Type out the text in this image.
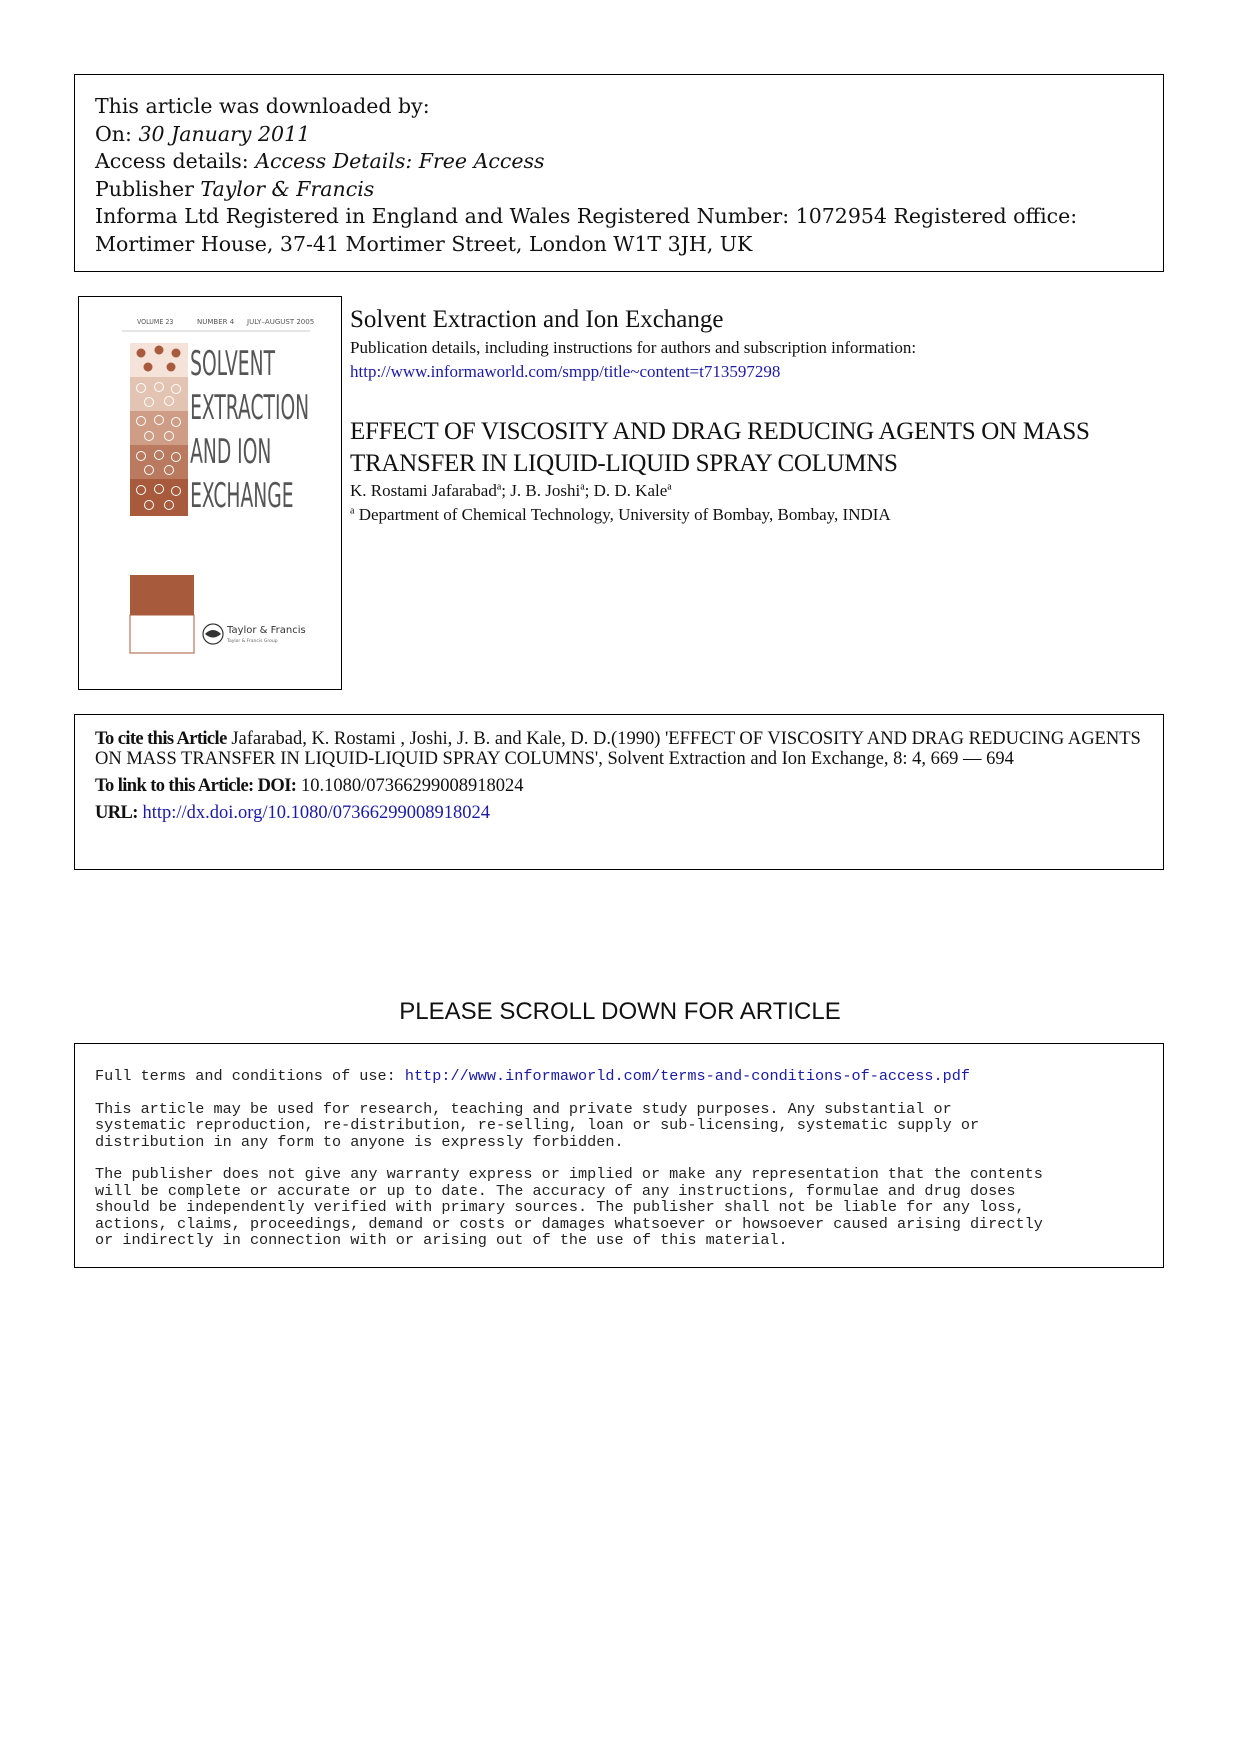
This article was downloaded by:
On: 30 January 2011
Access details: Access Details: Free Access
Publisher Taylor & Francis
Informa Ltd Registered in England and Wales Registered Number: 1072954 Registered office: Mortimer House, 37-41 Mortimer Street, London W1T 3JH, UK
VOLUME 23	NUMBER 4 JULY–AUGUST 2005
SOLVENT
EXTRACTION
AND ION
EXCHANGE
Taylor & Francis
Taylor & Francis Group
Solvent Extraction and Ion Exchange
Publication details, including instructions for authors and subscription information:
http://www.informaworld.com/smpp/title~content=t713597298
EFFECT OF VISCOSITY AND DRAG REDUCING AGENTS ON MASS
TRANSFER IN LIQUID-LIQUID SPRAY COLUMNS
K. Rostami Jafarabad$^a$; J. B. Joshi$^a$; D. D. Kale$^a$
$^a$ Department of Chemical Technology, University of Bombay, Bombay, INDIA
To cite this Article Jafarabad, K. Rostami , Joshi, J. B. and Kale, D. D.(1990) 'EFFECT OF VISCOSITY AND DRAG REDUCING AGENTS ON MASS TRANSFER IN LIQUID-LIQUID SPRAY COLUMNS', Solvent Extraction and Ion Exchange, 8: 4, 669 — 694
To link to this Article: DOI: 10.1080/07366299008918024
URL: http://dx.doi.org/10.1080/07366299008918024
PLEASE SCROLL DOWN FOR ARTICLE

Full terms and conditions of use: http://www.informaworld.com/terms-and-conditions-of-access.pdf

This article may be used for research, teaching and private study purposes. Any substantial or
systematic reproduction, re-distribution, re-selling, loan or sub-licensing, systematic supply or
distribution in any form to anyone is expressly forbidden.

The publisher does not give any warranty express or implied or make any representation that the contents
will be complete or accurate or up to date. The accuracy of any instructions, formulae and drug doses
should be independently verified with primary sources. The publisher shall not be liable for any loss,
actions, claims, proceedings, demand or costs or damages whatsoever or howsoever caused arising directly
or indirectly in connection with or arising out of the use of this material.
